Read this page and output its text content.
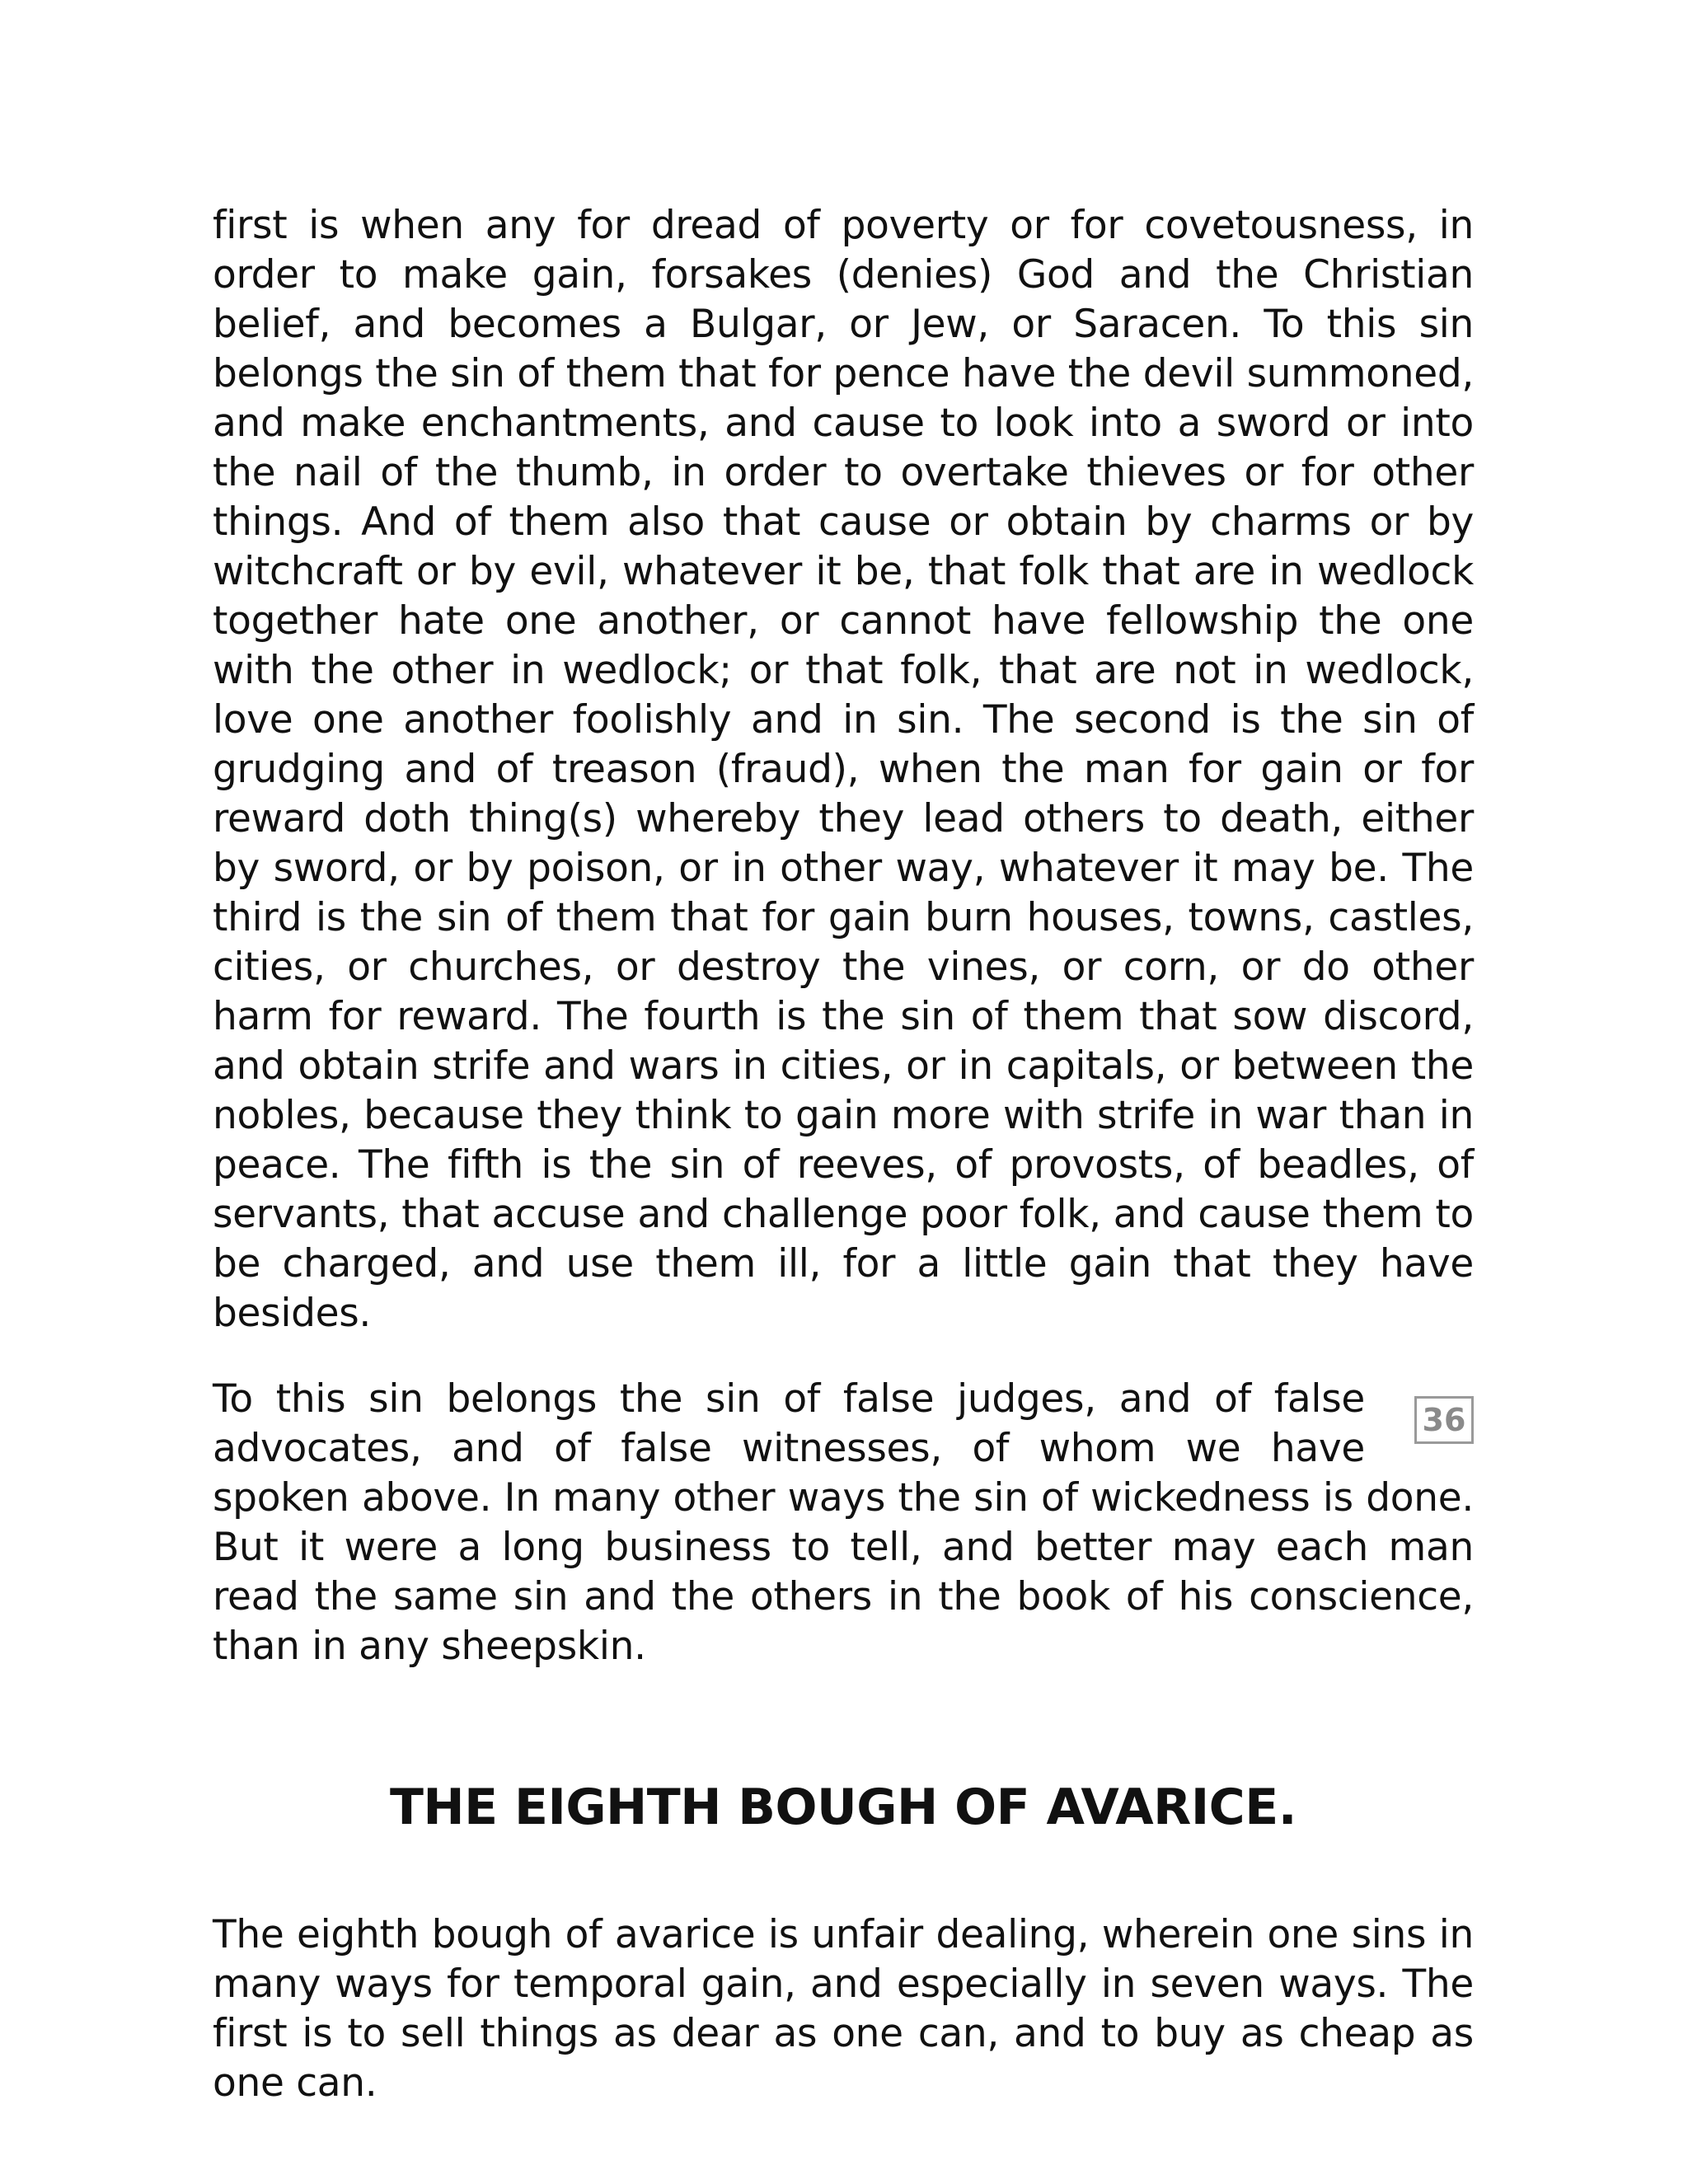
first is when any for dread of poverty or for covetousness, in order to make gain, forsakes (denies) God and the Christian belief, and becomes a Bulgar, or Jew, or Saracen. To this sin belongs the sin of them that for pence have the devil summoned, and make enchantments, and cause to look into a sword or into the nail of the thumb, in order to overtake thieves or for other things. And of them also that cause or obtain by charms or by witchcraft or by evil, whatever it be, that folk that are in wedlock together hate one another, or cannot have fellowship the one with the other in wedlock; or that folk, that are not in wedlock, love one another foolishly and in sin. The second is the sin of grudging and of treason (fraud), when the man for gain or for reward doth thing(s) whereby they lead others to death, either by sword, or by poison, or in other way, whatever it may be. The third is the sin of them that for gain burn houses, towns, castles, cities, or churches, or destroy the vines, or corn, or do other harm for reward. The fourth is the sin of them that sow discord, and obtain strife and wars in cities, or in capitals, or between the nobles, because they think to gain more with strife in war than in peace. The fifth is the sin of reeves, of provosts, of beadles, of servants, that accuse and challenge poor folk, and cause them to be charged, and use them ill, for a little gain that they have besides.

36

To this sin belongs the sin of false judges, and of false advocates, and of false witnesses, of whom we have spoken above. In many other ways the sin of wickedness is done. But it were a long business to tell, and better may each man read the same sin and the others in the book of his conscience, than in any sheepskin.

THE EIGHTH BOUGH OF AVARICE.

The eighth bough of avarice is unfair dealing, wherein one sins in many ways for temporal gain, and especially in seven ways. The first is to sell things as dear as one can, and to buy as cheap as one can.
